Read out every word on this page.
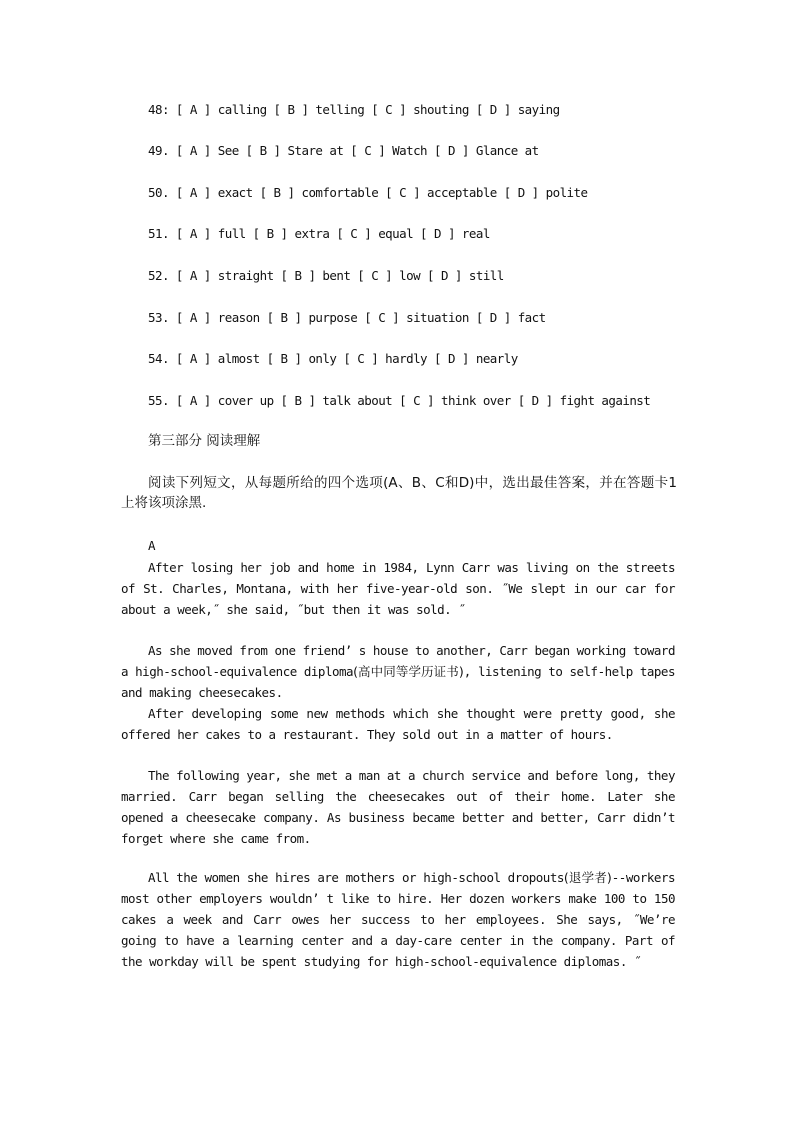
48: [ A ] calling [ B ] telling [ C ] shouting [ D ] saying
49. [ A ] See [ B ] Stare at [ C ] Watch [ D ] Glance at
50. [ A ] exact [ B ] comfortable [ C ] acceptable [ D ] polite
51. [ A ] full [ B ] extra [ C ] equal [ D ] real
52. [ A ] straight [ B ] bent [ C ] low [ D ] still
53. [ A ] reason [ B ] purpose [ C ] situation [ D ] fact
54. [ A ] almost [ B ] only [ C ] hardly [ D ] nearly
55. [ A ] cover up [ B ] talk about [ C ] think over [ D ] fight against
第三部分 阅读理解
阅读下列短文，从每题所给的四个选项(A、B、C和D)中，选出最佳答案，并在答题卡1上将该项涂黑.
A
After losing her job and home in 1984, Lynn Carr was living on the streets of St. Charles, Montana, with her five-year-old son. ˝We slept in our car for about a week,˝ she said, ˝but then it was sold. ˝
As she moved from one friend’ s house to another, Carr began working toward a high-school-equivalence diploma(高中同等学历证书), listening to self-help tapes and making cheesecakes.
After developing some new methods which she thought were pretty good, she offered her cakes to a restaurant. They sold out in a matter of hours.
The following year, she met a man at a church service and before long, they married. Carr began selling the cheesecakes out of their home. Later she opened a cheesecake company. As business became better and better, Carr didn’t forget where she came from.
All the women she hires are mothers or high-school dropouts(退学者)--workers most other employers wouldn’ t like to hire. Her dozen workers make 100 to 150 cakes a week and Carr owes her success to her employees. She says, ˝We’re going to have a learning center and a day-care center in the company. Part of the workday will be spent studying for high-school-equivalence diplomas. ˝
